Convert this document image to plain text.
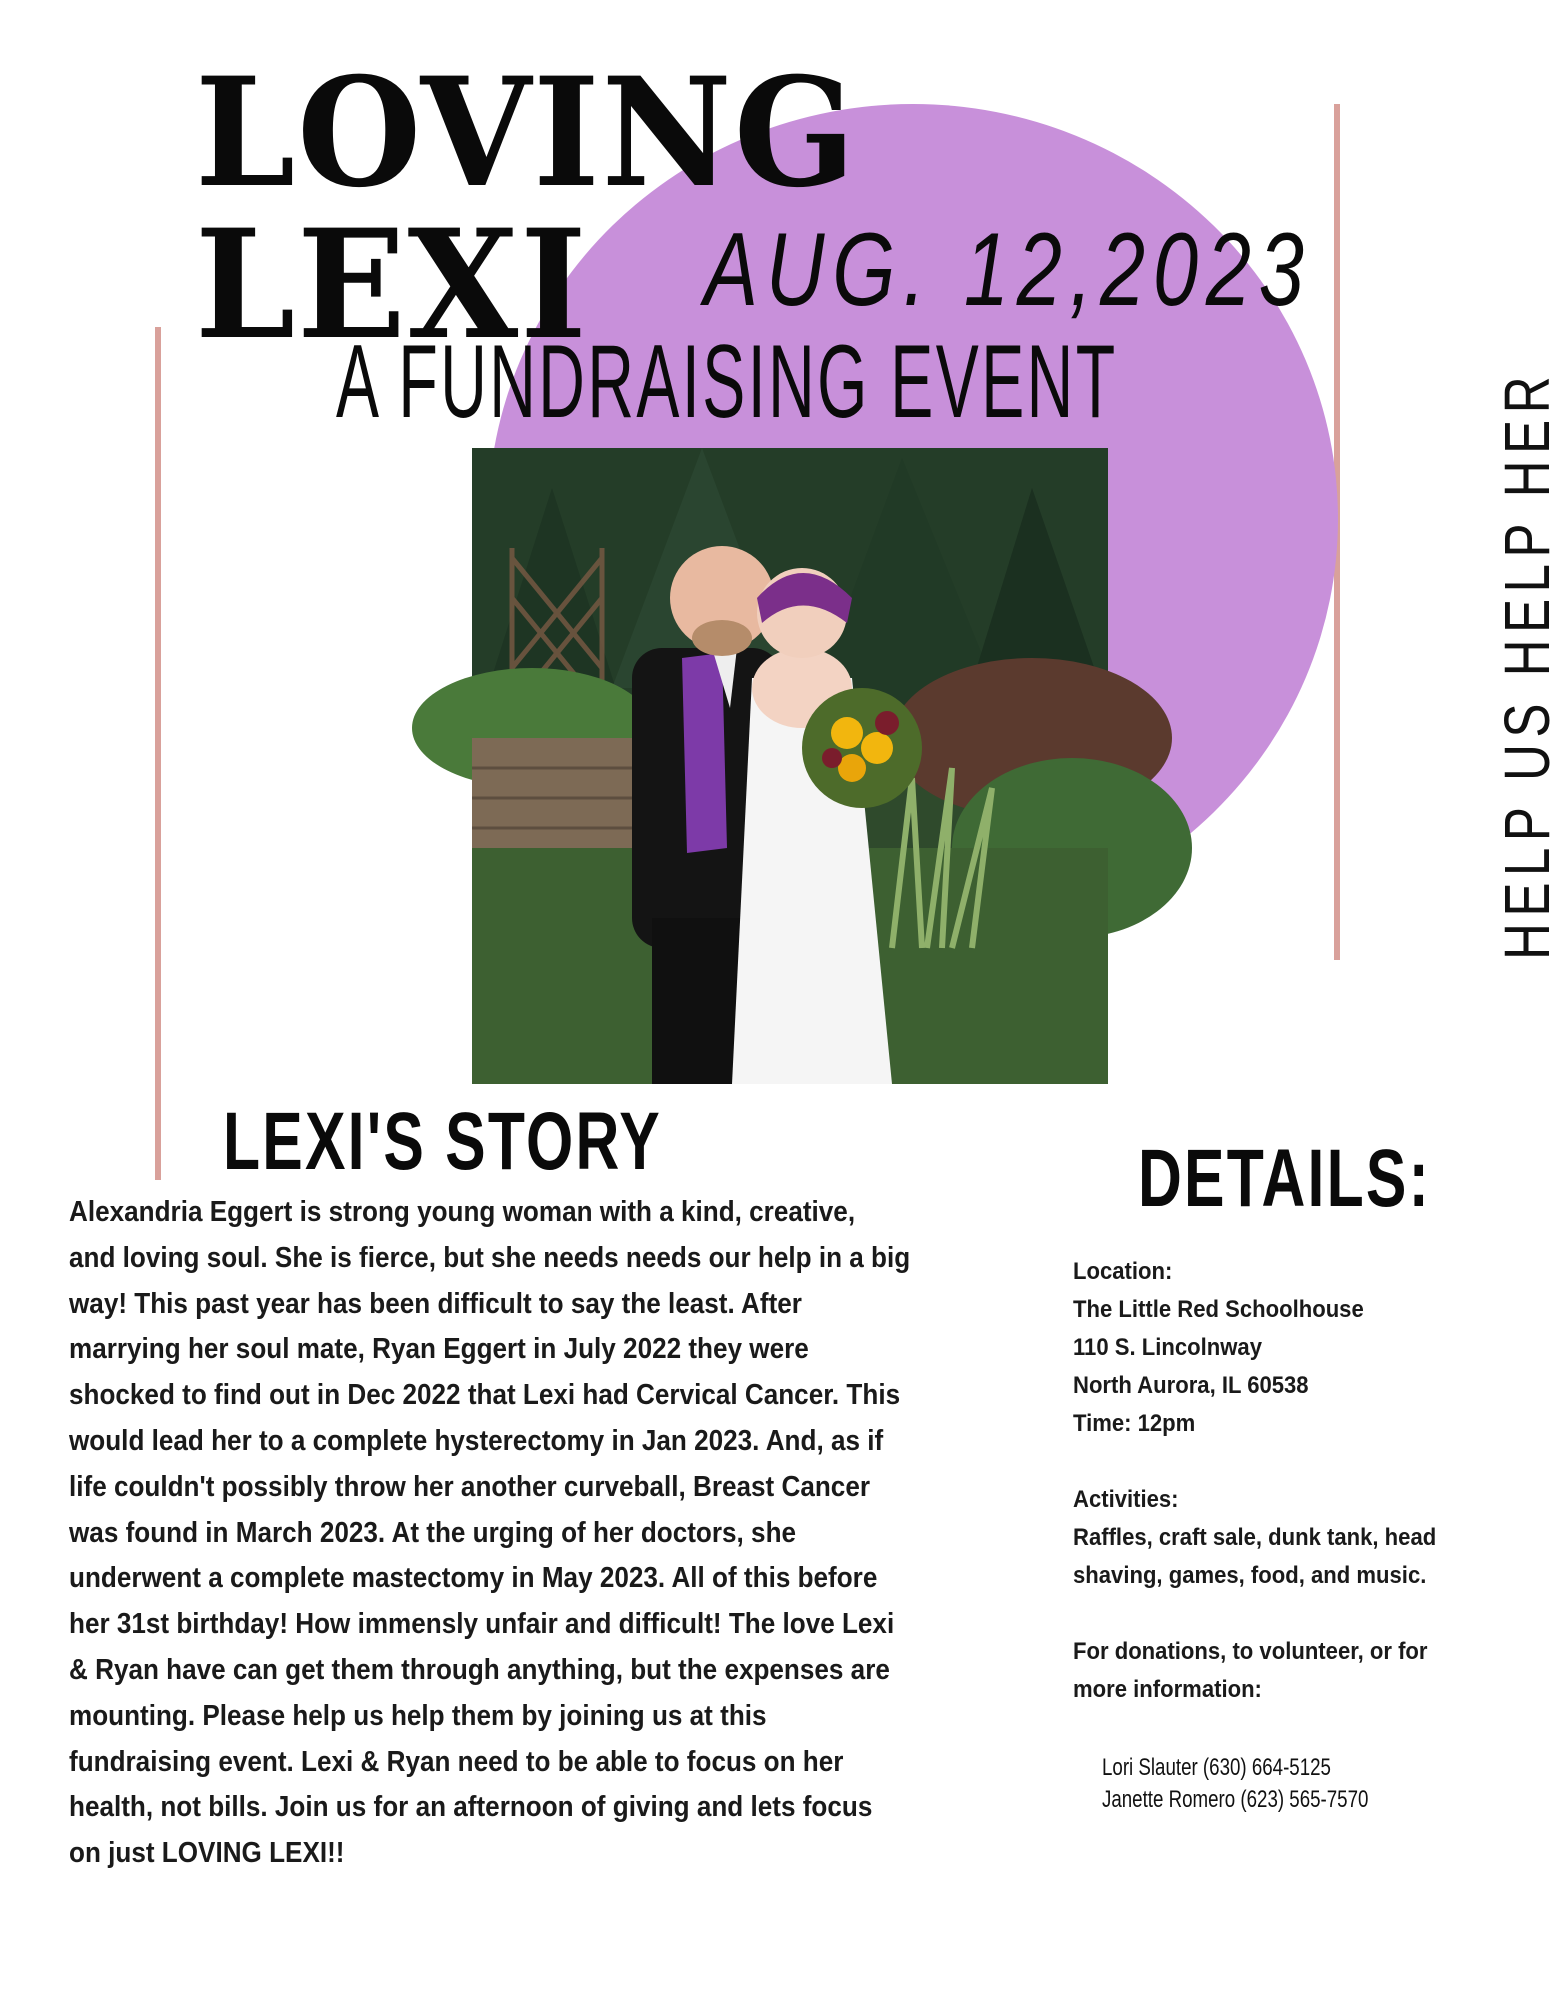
LOVING
LEXI AUG. 12,2023
A FUNDRAISING EVENT	HELP US HELP HER
LEXI'S STORY
Alexandria Eggert is strong young woman with a kind, creative,
and loving soul. She is fierce, but she needs needs our help in a big
way! This past year has been difficult to say the least. After
marrying her soul mate, Ryan Eggert in July 2022 they were
shocked to find out in Dec 2022 that Lexi had Cervical Cancer. This
would lead her to a complete hysterectomy in Jan 2023. And, as if
life couldn't possibly throw her another curveball, Breast Cancer
was found in March 2023. At the urging of her doctors, she
underwent a complete mastectomy in May 2023. All of this before
her 31st birthday! How immensly unfair and difficult! The love Lexi
& Ryan have can get them through anything, but the expenses are
mounting. Please help us help them by joining us at this
fundraising event. Lexi & Ryan need to be able to focus on her
health, not bills. Join us for an afternoon of giving and lets focus
on just LOVING LEXI!!
DETAILS:
Location:
The Little Red Schoolhouse
110 S. Lincolnway
North Aurora, IL 60538
Time: 12pm
Activities:
Raffles, craft sale, dunk tank, head
shaving, games, food, and music.
For donations, to volunteer, or for
more information:
Lori Slauter (630) 664-5125
Janette Romero (623) 565-7570
